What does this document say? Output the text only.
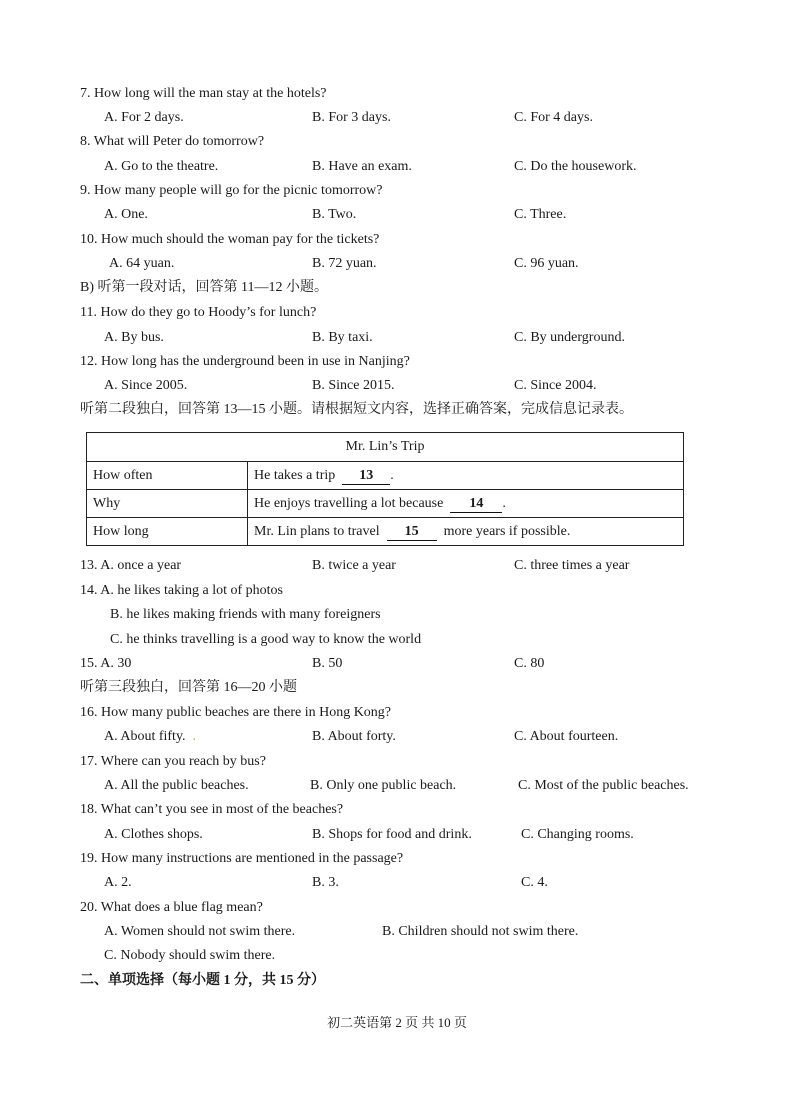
7. How long will the man stay at the hotels?
A. For 2 days.	B. For 3 days.	C. For 4 days.
8. What will Peter do tomorrow?
A. Go to the theatre.	B. Have an exam.	C. Do the housework.
9. How many people will go for the picnic tomorrow?
A. One.	B. Two.	C. Three.
10. How much should the woman pay for the tickets?
A. 64 yuan.	B. 72 yuan.	C. 96 yuan.
B) 听第一段对话，回答第 11—12 小题。
11. How do they go to Hoody’s for lunch?
A. By bus.	B. By taxi.	C. By underground.
12. How long has the underground been in use in Nanjing?
A. Since 2005.	B. Since 2015.	C. Since 2004.
听第二段独白，回答第 13—15 小题。请根据短文内容，选择正确答案，完成信息记录表。
Mr. Lin’s Trip
How often	He takes a trip 13 .
Why	He enjoys travelling a lot because 14 .
How long	Mr. Lin plans to travel 15 more years if possible.
13. A. once a year	B. twice a year	C. three times a year
14. A. he likes taking a lot of photos
B. he likes making friends with many foreigners
C. he thinks travelling is a good way to know the world
15. A. 30	B. 50	C. 80
听第三段独白，回答第 16—20 小题
16. How many public beaches are there in Hong Kong?
A. About fifty.  .	B. About forty.	C. About fourteen.
17. Where can you reach by bus?
A. All the public beaches.	B. Only one public beach.	C. Most of the public beaches.
18. What can’t you see in most of the beaches?
A. Clothes shops.	B. Shops for food and drink.	C. Changing rooms.
19. How many instructions are mentioned in the passage?
A. 2.	B. 3.	C. 4.
20. What does a blue flag mean?
A. Women should not swim there.	B. Children should not swim there.
C. Nobody should swim there.
二、单项选择（每小题 1 分，共 15 分）
初二英语第 2 页 共 10 页
